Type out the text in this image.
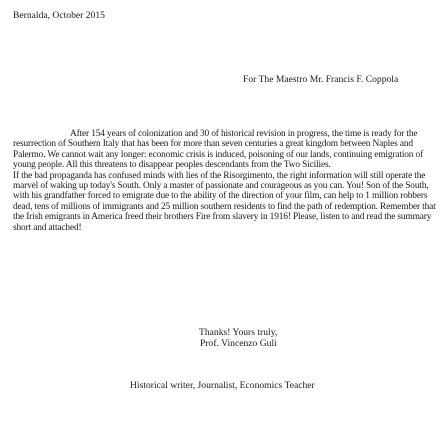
Bernalda, October 2015
For The Maestro Mr. Francis F. Coppola

After 154 years of colonization and 30 of historical revision in progress, the time is ready for the resurrection of Southern Italy that has been for more than seven centuries a great kingdom between Naples and Palermo. We cannot wait any longer: economic crisis is induced, poisoning of our lands, continuing emigration of young people. All this threatens to disappear peoples descendants from the Two Sicilies.

If the bad propaganda has confused minds with lies of the Risorgimento, the right information will still operate the marvel of waking up today's South. Only a master of passionate and courageous as you can. You! Son of the South, with his grandfather forced to emigrate due to the ability of the direction of your film, can help to 1 million robbers dead, tens of millions of immigrants and 25 million southern residents to find the path of redemption. Remember that the Irish emigrants in America freed their brothers Fire from slavery in 1916! Please, listen to and read the summary short and attached!

Thanks! Yours truly,
Prof. Vincenzo Guli
Historical writer, Journalist, Economics Teacher
